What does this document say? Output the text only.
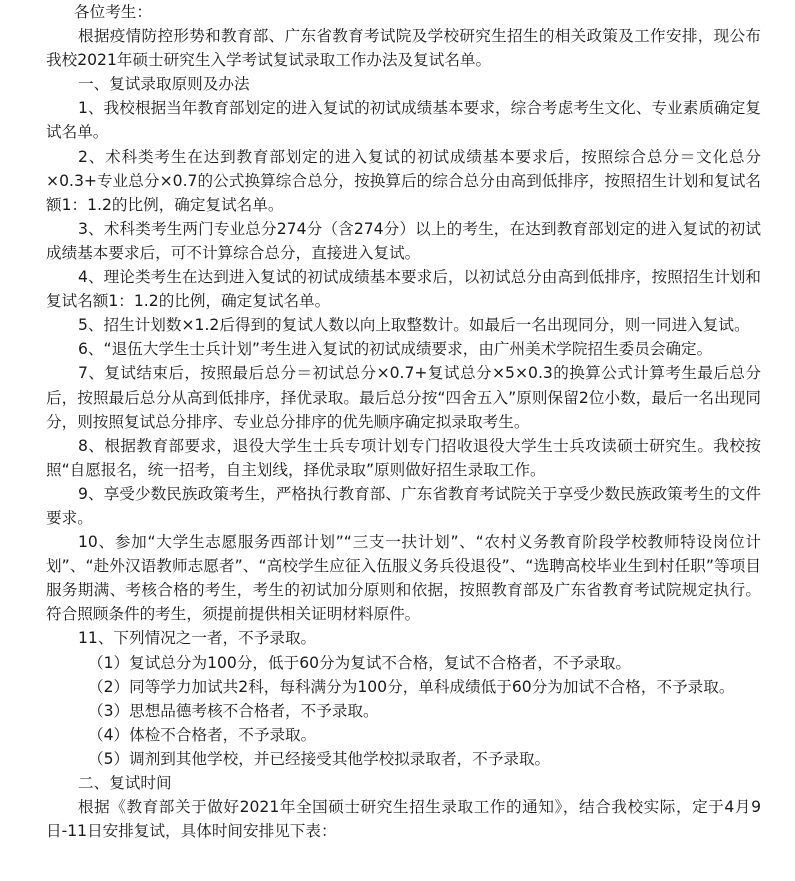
各位考生：

根据疫情防控形势和教育部、广东省教育考试院及学校研究生招生的相关政策及工作安排，现公布我校2021年硕士研究生入学考试复试录取工作办法及复试名单。

一、复试录取原则及办法

1、我校根据当年教育部划定的进入复试的初试成绩基本要求，综合考虑考生文化、专业素质确定复试名单。

2、术科类考生在达到教育部划定的进入复试的初试成绩基本要求后，按照综合总分＝文化总分×0.3+专业总分×0.7的公式换算综合总分，按换算后的综合总分由高到低排序，按照招生计划和复试名额1：1.2的比例，确定复试名单。

3、术科类考生两门专业总分274分（含274分）以上的考生，在达到教育部划定的进入复试的初试成绩基本要求后，可不计算综合总分，直接进入复试。

4、理论类考生在达到进入复试的初试成绩基本要求后，以初试总分由高到低排序，按照招生计划和复试名额1：1.2的比例，确定复试名单。

5、招生计划数×1.2后得到的复试人数以向上取整数计。如最后一名出现同分，则一同进入复试。

6、“退伍大学生士兵计划”考生进入复试的初试成绩要求，由广州美术学院招生委员会确定。

7、复试结束后，按照最后总分＝初试总分×0.7+复试总分×5×0.3的换算公式计算考生最后总分后，按照最后总分从高到低排序，择优录取。最后总分按“四舍五入”原则保留2位小数，最后一名出现同分，则按照复试总分排序、专业总分排序的优先顺序确定拟录取考生。

8、根据教育部要求，退役大学生士兵专项计划专门招收退役大学生士兵攻读硕士研究生。我校按照“自愿报名，统一招考，自主划线，择优录取”原则做好招生录取工作。

9、享受少数民族政策考生，严格执行教育部、广东省教育考试院关于享受少数民族政策考生的文件要求。

10、参加“大学生志愿服务西部计划”“三支一扶计划”、“农村义务教育阶段学校教师特设岗位计划”、“赴外汉语教师志愿者”、“高校学生应征入伍服义务兵役退役”、“选聘高校毕业生到村任职”等项目服务期满、考核合格的考生，考生的初试加分原则和依据，按照教育部及广东省教育考试院规定执行。符合照顾条件的考生，须提前提供相关证明材料原件。

11、下列情况之一者，不予录取。

（1）复试总分为100分，低于60分为复试不合格，复试不合格者，不予录取。

（2）同等学力加试共2科，每科满分为100分，单科成绩低于60分为加试不合格，不予录取。

（3）思想品德考核不合格者，不予录取。

（4）体检不合格者，不予录取。

（5）调剂到其他学校，并已经接受其他学校拟录取者，不予录取。

二、复试时间

根据《教育部关于做好2021年全国硕士研究生招生录取工作的通知》，结合我校实际，定于4月9日-11日安排复试，具体时间安排见下表：
